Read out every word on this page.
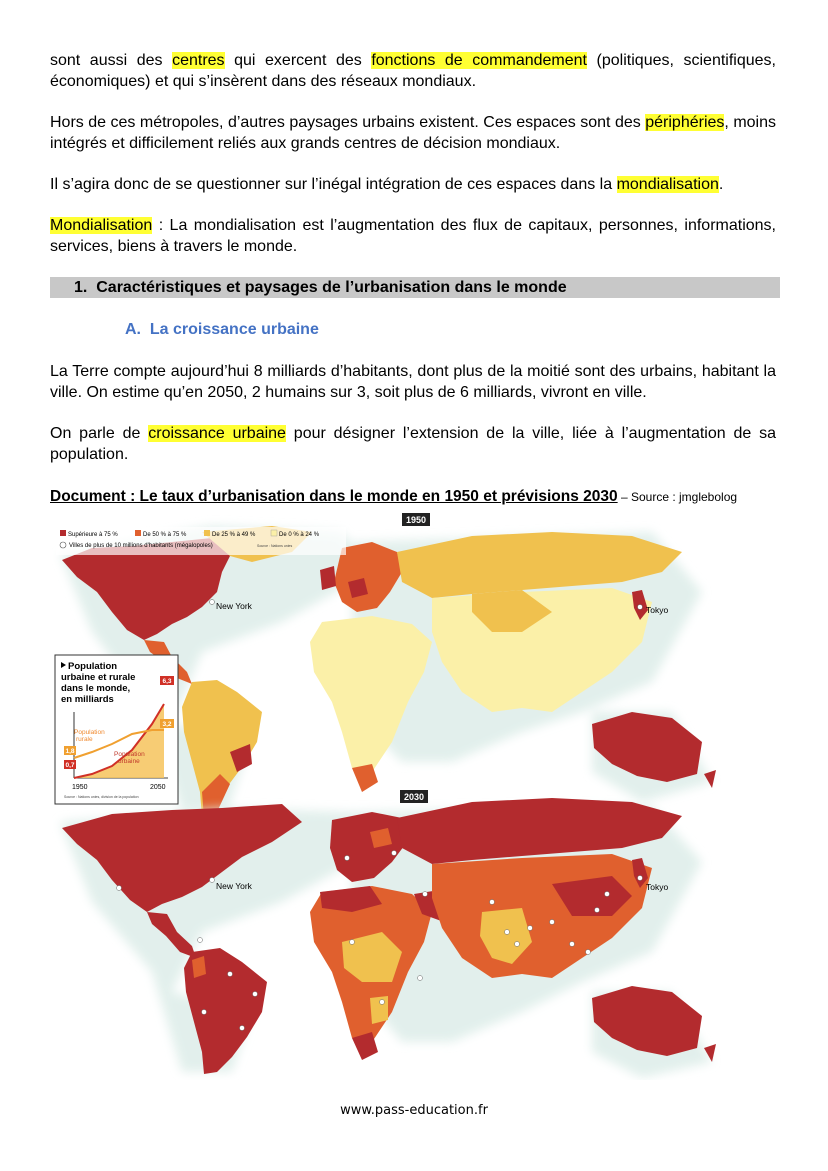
sont aussi des centres qui exercent des fonctions de commandement (politiques, scientifiques, économiques) et qui s’insèrent dans des réseaux mondiaux.

Hors de ces métropoles, d’autres paysages urbains existent. Ces espaces sont des périphéries, moins intégrés et difficilement reliés aux grands centres de décision mondiaux.

Il s’agira donc de se questionner sur l’inégal intégration de ces espaces dans la mondialisation.

Mondialisation : La mondialisation est l’augmentation des flux de capitaux, personnes, informations, services, biens à travers le monde.

1. Caractéristiques et paysages de l’urbanisation dans le monde
A. La croissance urbaine

La Terre compte aujourd’hui 8 milliards d’habitants, dont plus de la moitié sont des urbains, habitant la ville. On estime qu’en 2050, 2 humains sur 3, soit plus de 6 milliards, vivront en ville.

On parle de croissance urbaine pour désigner l’extension de la ville, liée à l’augmentation de sa population.

Document : Le taux d’urbanisation dans le monde en 1950 et prévisions 2030 – Source : jmglebolog
1950
New York	Tokyo
Supérieure à 75 %	De 50 % à 75 %	De 25 % à 49 %	De 0 % à 24 %
Villes de plus de 10 millions d'habitants (mégalopoles)	Source : Nations unies
Population urbaine et rurale dans le monde, en milliards
Population
rurale
Population
urbaine
1,8
0,7
6,3
3,2
1950	2050
Source : Nations unies, division de la population	2030
New York	Tokyo
www.pass-education.fr
